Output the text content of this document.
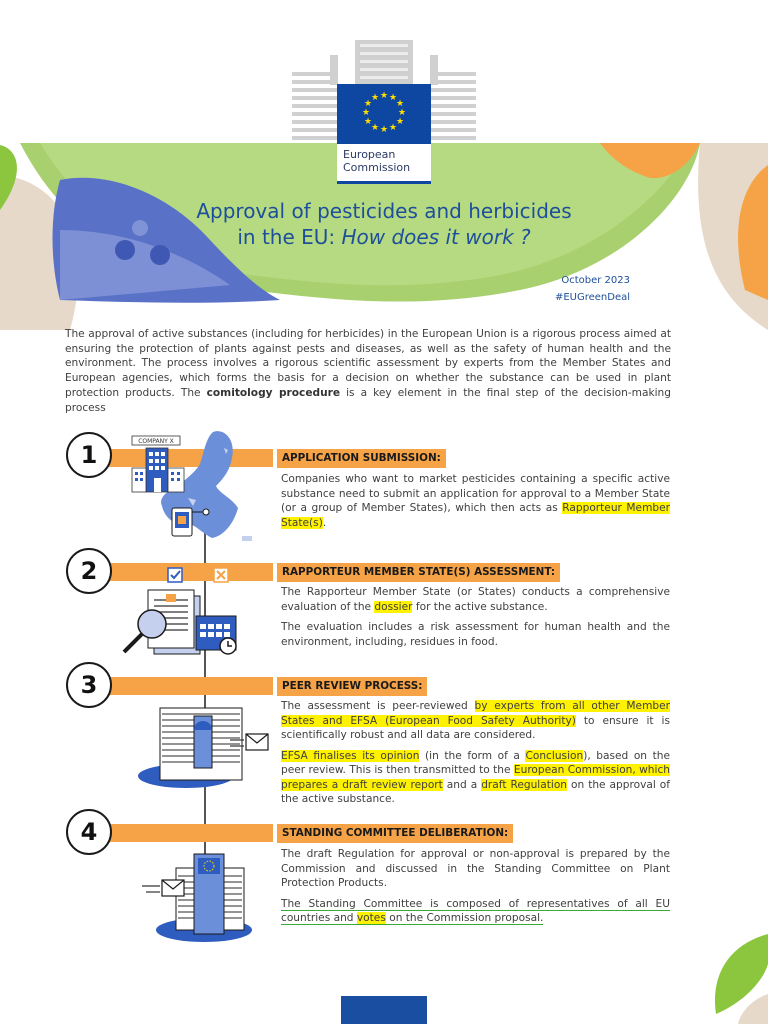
★ ★
★
★
★
★
★
★
★
★
★
★
European
Commission
Approval of pesticides and herbicides
in the EU: How does it work ?
October 2023
#EUGreenDeal
The approval of active substances (including for herbicides) in the European Union is a rigorous process aimed at ensuring the protection of plants against pests and diseases, as well as the safety of human health and the environment. The process involves a rigorous scientific assessment by experts from the Member States and European agencies, which forms the basis for a decision on whether the substance can be used in plant protection products. The comitology procedure is a key element in the final step of the decision-making process
1	COMPANY X
APPLICATION SUBMISSION:

Companies who want to market pesticides containing a specific active substance need to submit an application for approval to a Member State (or a group of Member States), which then acts as Rapporteur Member State(s).

2	RAPPORTEUR MEMBER STATE(S) ASSESSMENT:

The Rapporteur Member State (or States) conducts a comprehensive evaluation of the dossier for the active substance.

The evaluation includes a risk assessment for human health and the environment, including, residues in food.

3
efsa
PEER REVIEW PROCESS:

The assessment is peer-reviewed by experts from all other Member States and EFSA (European Food Safety Authority) to ensure it is scientifically robust and all data are considered.

EFSA finalises its opinion (in the form of a Conclusion), based on the peer review. This is then transmitted to the European Commission, which prepares a draft review report and a draft Regulation on the approval of the active substance.

4	STANDING COMMITTEE DELIBERATION:

The draft Regulation for approval or non-approval is prepared by the Commission and discussed in the Standing Committee on Plant Protection Products.

The Standing Committee is composed of representatives of all EU countries and votes on the Commission proposal.
